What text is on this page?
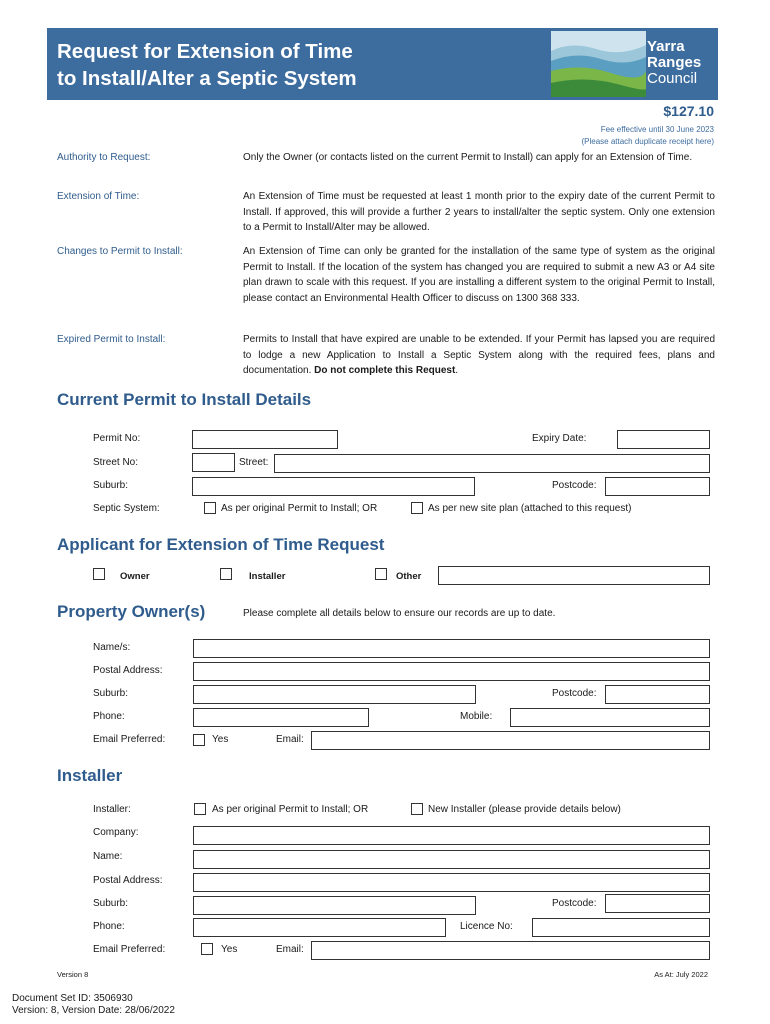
Request for Extension of Time
to Install/Alter a Septic System
Yarra
Ranges
Council
$127.10
Fee effective until 30 June 2023
(Please attach duplicate receipt here)
Authority to Request:	Only the Owner (or contacts listed on the current Permit to Install) can apply for an Extension of Time.
Extension of Time:	An Extension of Time must be requested at least 1 month prior to the expiry date of the current Permit to Install. If approved, this will provide a further 2 years to install/alter the septic system. Only one extension to a Permit to Install/Alter may be allowed.
Changes to Permit to Install:	An Extension of Time can only be granted for the installation of the same type of system as the original Permit to Install. If the location of the system has changed you are required to submit a new A3 or A4 site plan drawn to scale with this request. If you are installing a different system to the original Permit to Install, please contact an Environmental Health Officer to discuss on 1300 368 333.
Expired Permit to Install:	Permits to Install that have expired are unable to be extended. If your Permit has lapsed you are required to lodge a new Application to Install a Septic System along with the required fees, plans and documentation. Do not complete this Request.
Current Permit to Install Details
Permit No:	Expiry Date:
Street No:	Street:
Suburb:	Postcode:
Septic System:	As per original Permit to Install; OR	As per new site plan (attached to this request)
Applicant for Extension of Time Request
Owner	Installer	Other
Property Owner(s)	Please complete all details below to ensure our records are up to date.
Name/s:
Postal Address:
Suburb:	Postcode:
Phone:	Mobile:
Email Preferred:	Yes	Email:
Installer
Installer:	As per original Permit to Install; OR	New Installer (please provide details below)
Company:
Name:
Postal Address:
Suburb:	Postcode:
Phone:	Licence No:
Email Preferred:	Yes	Email:
Version 8	As At: July 2022
Document Set ID: 3506930
Version: 8, Version Date: 28/06/2022
